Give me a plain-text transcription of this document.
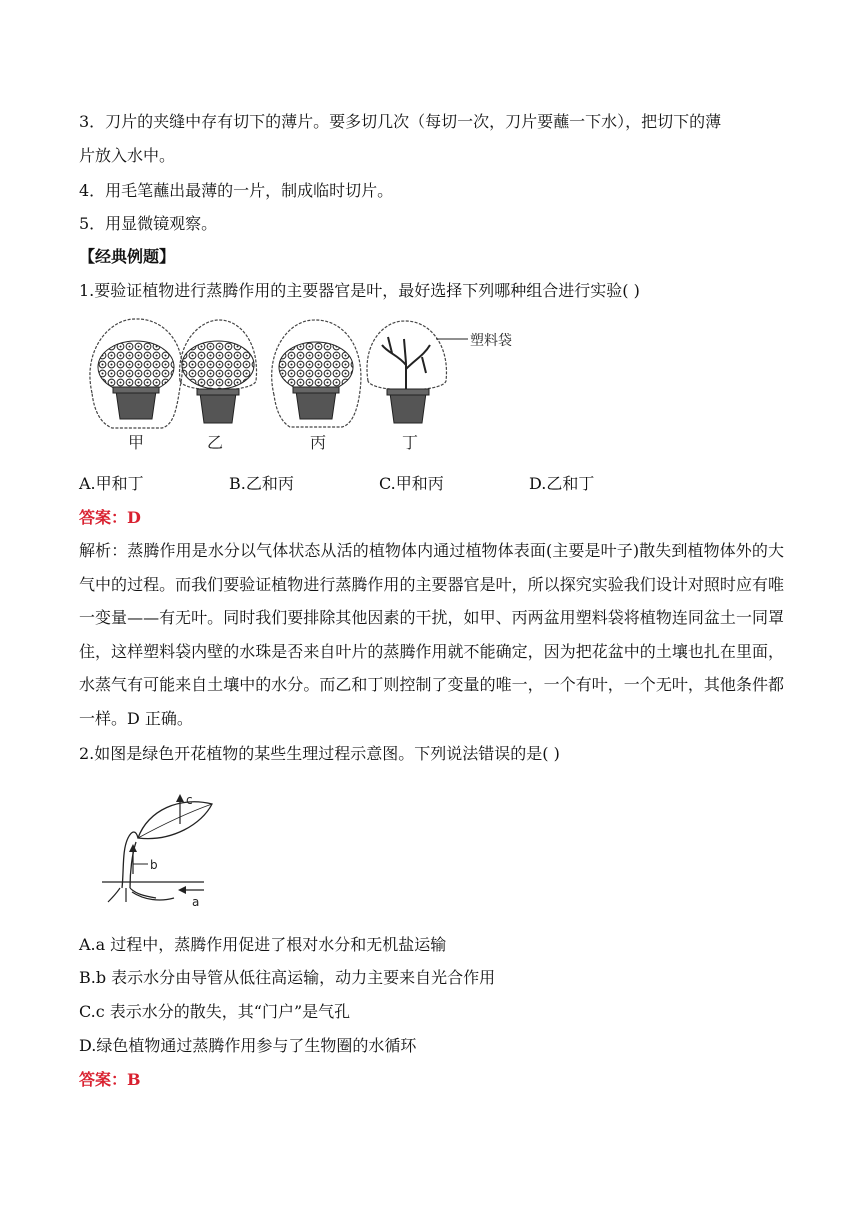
3．刀片的夹缝中存有切下的薄片。要多切几次（每切一次，刀片要蘸一下水），把切下的薄
片放入水中。
4．用毛笔蘸出最薄的一片，制成临时切片。
5．用显微镜观察。
【经典例题】
1.要验证植物进行蒸腾作用的主要器官是叶，最好选择下列哪种组合进行实验( )
甲	乙	丙	丁
塑料袋
A.甲和丁	B.乙和丙	C.甲和丙	D.乙和丁
答案：D
解析：蒸腾作用是水分以气体状态从活的植物体内通过植物体表面(主要是叶子)散失到植物体外的大气中的过程。而我们要验证植物进行蒸腾作用的主要器官是叶，所以探究实验我们设计对照时应有唯一变量——有无叶。同时我们要排除其他因素的干扰，如甲、丙两盆用塑料袋将植物连同盆土一同罩住，这样塑料袋内壁的水珠是否来自叶片的蒸腾作用就不能确定，因为把花盆中的土壤也扎在里面，水蒸气有可能来自土壤中的水分。而乙和丁则控制了变量的唯一，一个有叶，一个无叶，其他条件都一样。D 正确。
2.如图是绿色开花植物的某些生理过程示意图。下列说法错误的是( )
c
b
a
A.a 过程中，蒸腾作用促进了根对水分和无机盐运输
B.b 表示水分由导管从低往高运输，动力主要来自光合作用
C.c 表示水分的散失，其“门户”是气孔
D.绿色植物通过蒸腾作用参与了生物圈的水循环
答案：B
